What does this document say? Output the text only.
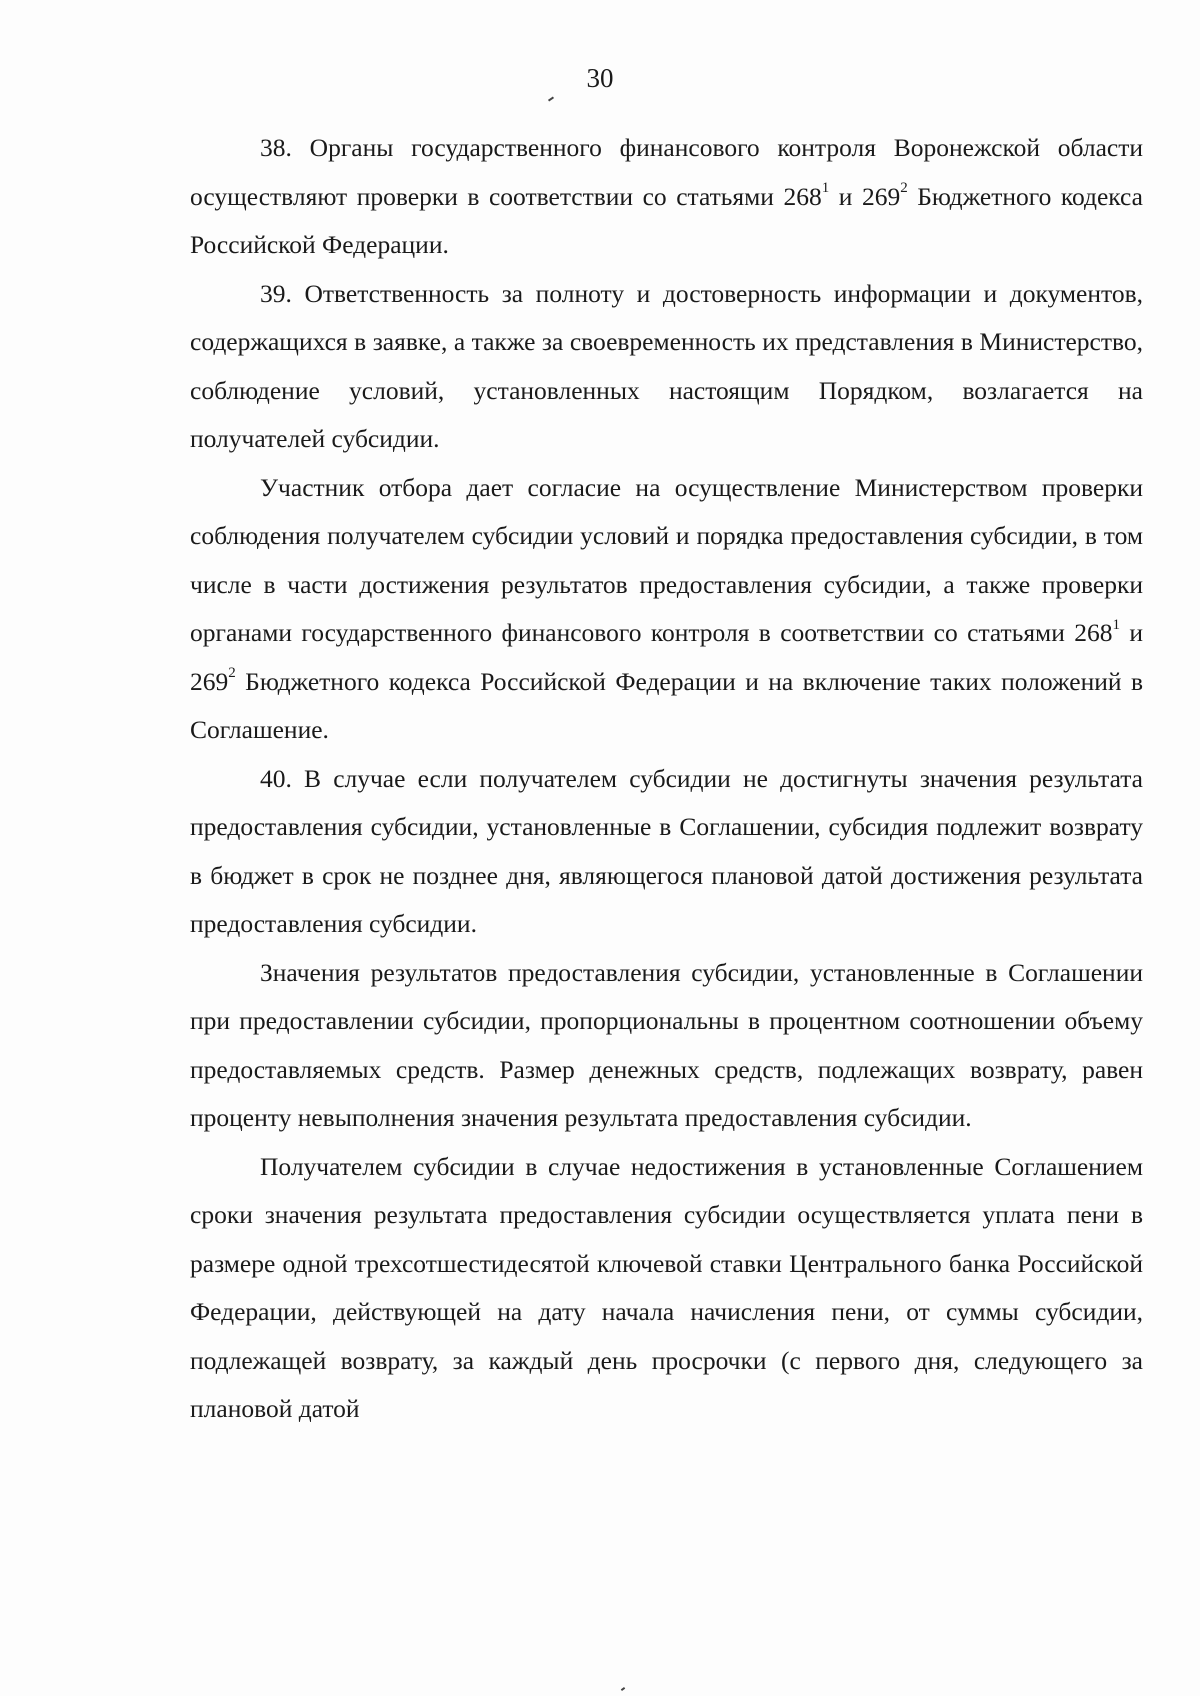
30

38. Органы государственного финансового контроля Воронежской области осуществляют проверки в соответствии со статьями $268^1$ и $269^2$ Бюджетного кодекса Российской Федерации.

39. Ответственность за полноту и достоверность информации и документов, содержащихся в заявке, а также за своевременность их представления в Министерство, соблюдение условий, установленных настоящим Порядком, возлагается на получателей субсидии.

Участник отбора дает согласие на осуществление Министерством проверки соблюдения получателем субсидии условий и порядка предоставления субсидии, в том числе в части достижения результатов предоставления субсидии, а также проверки органами государственного финансового контроля в соответствии со статьями $268^1$ и $269^2$ Бюджетного кодекса Российской Федерации и на включение таких положений в Соглашение.

40. В случае если получателем субсидии не достигнуты значения результата предоставления субсидии, установленные в Соглашении, субсидия подлежит возврату в бюджет в срок не позднее дня, являющегося плановой датой достижения результата предоставления субсидии.

Значения результатов предоставления субсидии, установленные в Соглашении при предоставлении субсидии, пропорциональны в процентном соотношении объему предоставляемых средств. Размер денежных средств, подлежащих возврату, равен проценту невыполнения значения результата предоставления субсидии.

Получателем субсидии в случае недостижения в установленные Соглашением сроки значения результата предоставления субсидии осуществляется уплата пени в размере одной трехсотшестидесятой ключевой ставки Центрального банка Российской Федерации, действующей на дату начала начисления пени, от суммы субсидии, подлежащей возврату, за каждый день просрочки (с первого дня, следующего за плановой датой
